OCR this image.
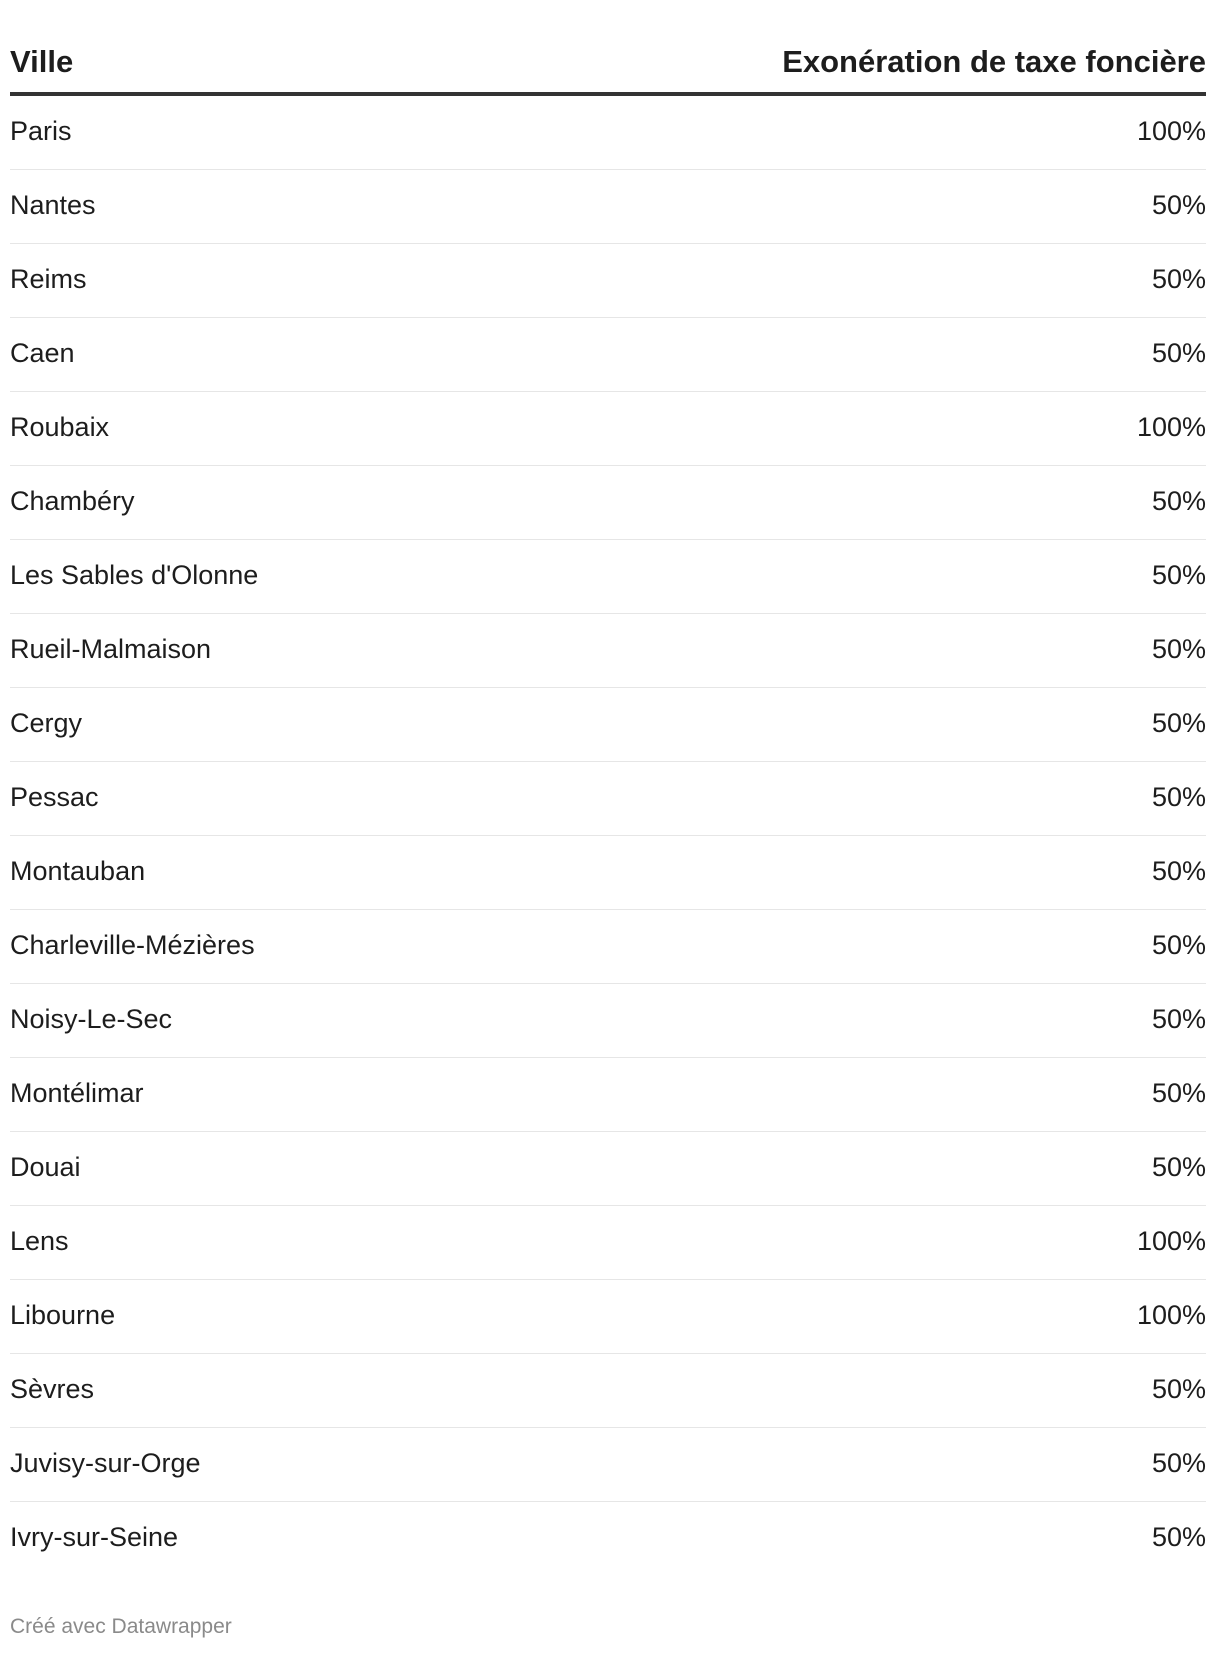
Ville	Exonération de taxe foncière
Paris	100%
Nantes	50%
Reims	50%
Caen	50%
Roubaix	100%
Chambéry	50%
Les Sables d'Olonne	50%
Rueil-Malmaison	50%
Cergy	50%
Pessac	50%
Montauban	50%
Charleville-Mézières	50%
Noisy-Le-Sec	50%
Montélimar	50%
Douai	50%
Lens	100%
Libourne	100%
Sèvres	50%
Juvisy-sur-Orge	50%
Ivry-sur-Seine	50%
Créé avec Datawrapper
